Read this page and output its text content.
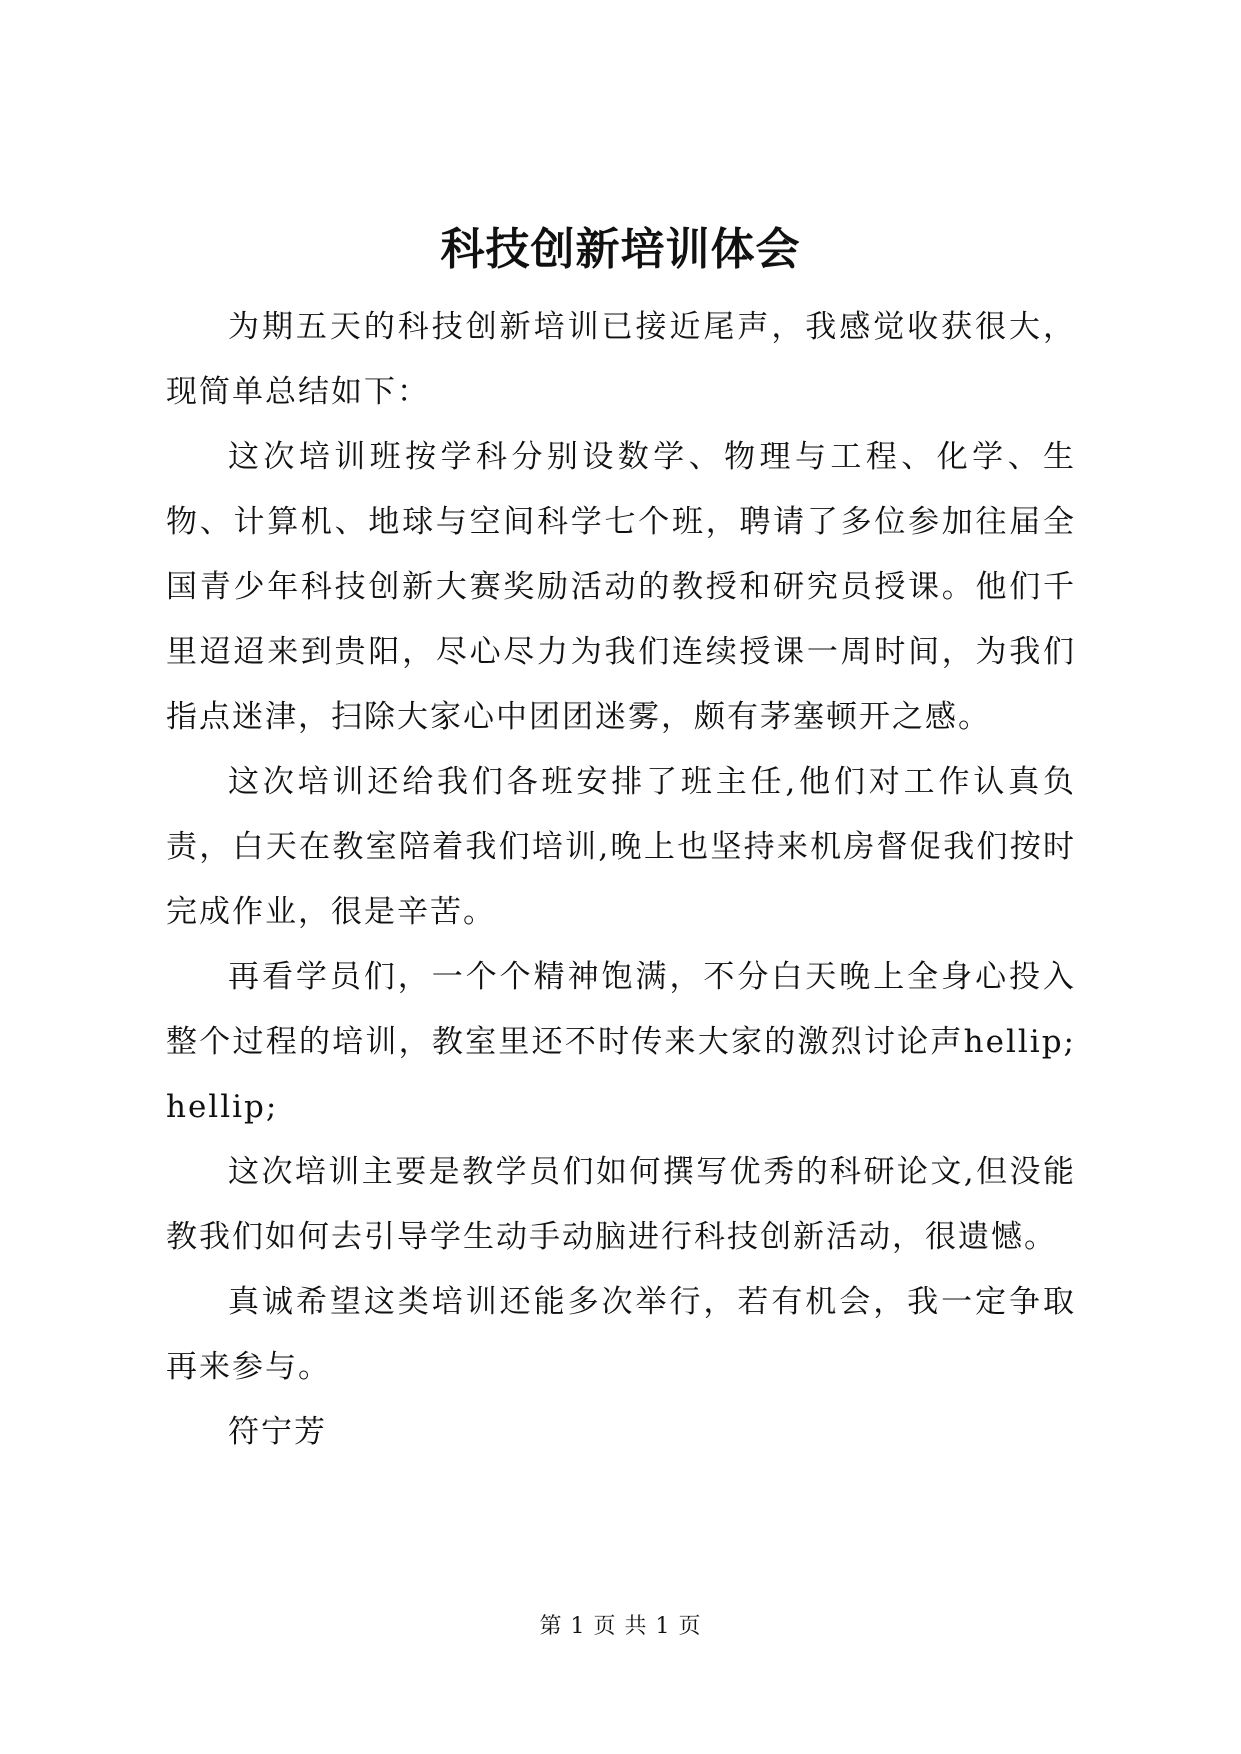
科技创新培训体会

为期五天的科技创新培训已接近尾声，我感觉收获很大，现简单总结如下：

这次培训班按学科分别设数学、物理与工程、化学、生物、计算机、地球与空间科学七个班，聘请了多位参加往届全国青少年科技创新大赛奖励活动的教授和研究员授课。他们千里迢迢来到贵阳，尽心尽力为我们连续授课一周时间，为我们指点迷津，扫除大家心中团团迷雾，颇有茅塞顿开之感。

这次培训还给我们各班安排了班主任,他们对工作认真负责，白天在教室陪着我们培训,晚上也坚持来机房督促我们按时完成作业，很是辛苦。

再看学员们，一个个精神饱满，不分白天晚上全身心投入整个过程的培训，教室里还不时传来大家的激烈讨论声hellip;hellip;

这次培训主要是教学员们如何撰写优秀的科研论文,但没能教我们如何去引导学生动手动脑进行科技创新活动，很遗憾。

真诚希望这类培训还能多次举行，若有机会，我一定争取再来参与。

符宁芳

第 1 页 共 1 页
